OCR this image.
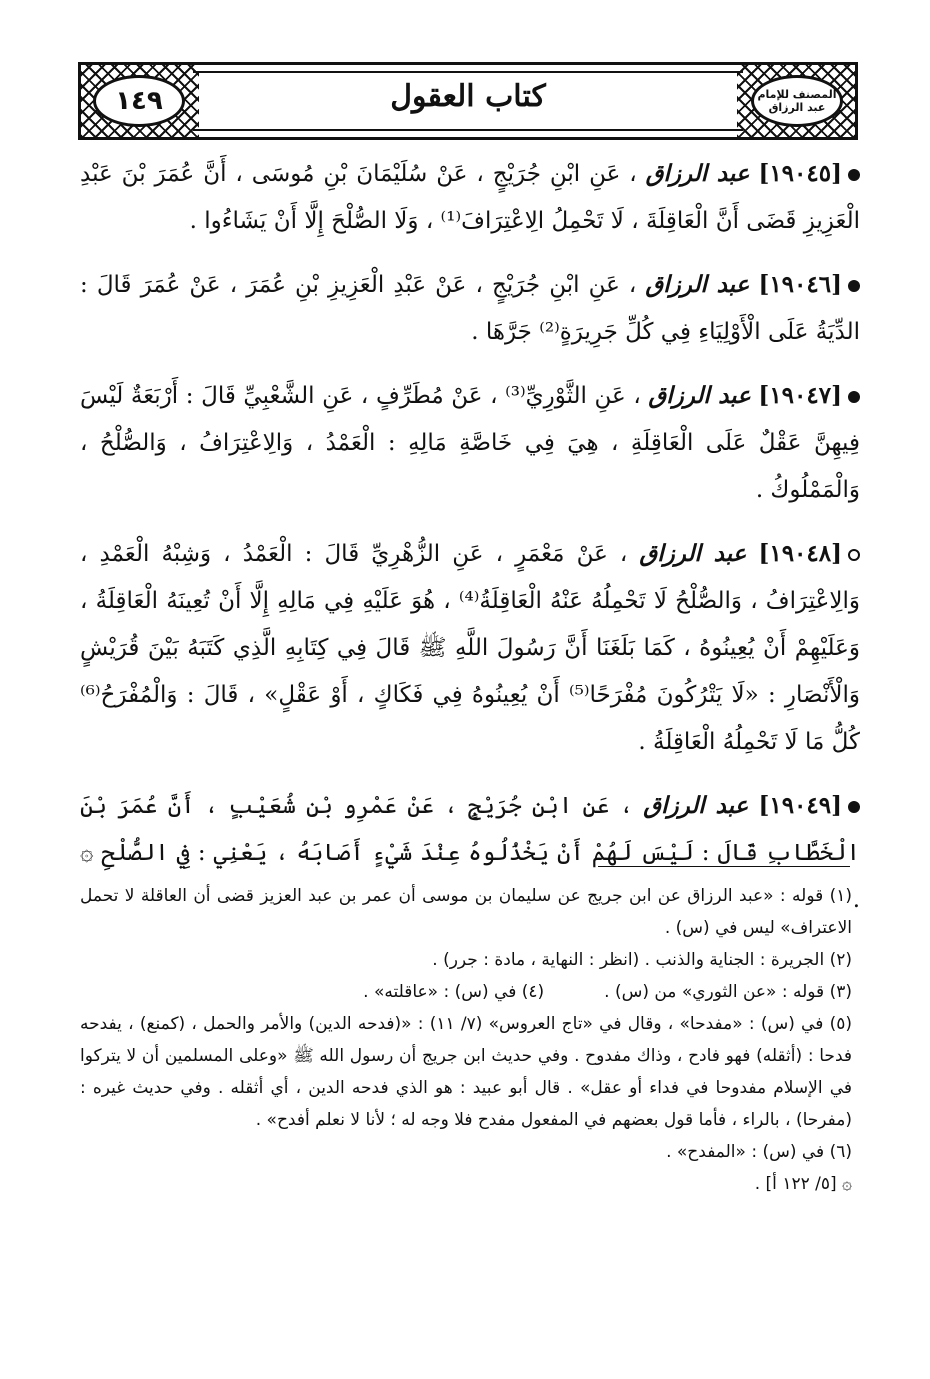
١٤٩	المصنف للإمام عبد الرزاق
كتاب العقول

[١٩٠٤٥] عبد الرزاق ، عَنِ ابْنِ جُرَيْجٍ ، عَنْ سُلَيْمَانَ بْنِ مُوسَى ، أَنَّ عُمَرَ بْنَ عَبْدِ الْعَزِيزِ قَضَى أَنَّ الْعَاقِلَةَ ، لَا تَحْمِلُ الِاعْتِرَافَ⁽¹⁾ ، وَلَا الصُّلْحَ إِلَّا أَنْ يَشَاءُوا .

[١٩٠٤٦] عبد الرزاق ، عَنِ ابْنِ جُرَيْجٍ ، عَنْ عَبْدِ الْعَزِيزِ بْنِ عُمَرَ ، عَنْ عُمَرَ قَالَ : الدِّيَةُ عَلَى الْأَوْلِيَاءِ فِي كُلِّ جَرِيرَةٍ⁽²⁾ جَرَّهَا .

[١٩٠٤٧] عبد الرزاق ، عَنِ الثَّوْرِيِّ⁽³⁾ ، عَنْ مُطَرِّفٍ ، عَنِ الشَّعْبِيِّ قَالَ : أَرْبَعَةٌ لَيْسَ فِيهِنَّ عَقْلٌ عَلَى الْعَاقِلَةِ ، هِيَ فِي خَاصَّةِ مَالِهِ : الْعَمْدُ ، وَالِاعْتِرَافُ ، وَالصُّلْحُ ، وَالْمَمْلُوكُ .

[١٩٠٤٨] عبد الرزاق ، عَنْ مَعْمَرٍ ، عَنِ الزُّهْرِيِّ قَالَ : الْعَمْدُ ، وَشِبْهُ الْعَمْدِ ، وَالِاعْتِرَافُ ، وَالصُّلْحُ لَا تَحْمِلُهُ عَنْهُ الْعَاقِلَةُ⁽⁴⁾ ، هُوَ عَلَيْهِ فِي مَالِهِ إِلَّا أَنْ تُعِينَهُ الْعَاقِلَةُ ، وَعَلَيْهِمْ أَنْ يُعِينُوهُ ، كَمَا بَلَغَنَا أَنَّ رَسُولَ اللَّهِ ﷺ قَالَ فِي كِتَابِهِ الَّذِي كَتَبَهُ بَيْنَ قُرَيْشٍ وَالْأَنْصَارِ : «لَا يَتْرُكُونَ مُفْرَحًا⁽⁵⁾ أَنْ يُعِينُوهُ فِي فَكَاكٍ ، أَوْ عَقْلٍ» ، قَالَ : وَالْمُفْرَحُ⁽⁶⁾ كُلُّ مَا لَا تَحْمِلُهُ الْعَاقِلَةُ .

[١٩٠٤٩] عبد الرزاق ، عَنِ ابْنِ جُرَيْجٍ ، عَنْ عَمْرِو بْنِ شُعَيْبٍ ، أَنَّ عُمَرَ بْنَ الْخَطَّابِ قَالَ : لَيْسَ لَهُمْ أَنْ يَخْذُلُوهُ عِنْدَ شَيْءٍ أَصَابَهُ ، يَعْنِي : فِي الصُّلْحِ ۞ .

(١) قوله : «عبد الرزاق عن ابن جريج عن سليمان بن موسى أن عمر بن عبد العزيز قضى أن العاقلة لا تحمل الاعتراف» ليس في (س) .

(٢) الجريرة : الجناية والذنب . (انظر : النهاية ، مادة : جرر) .

(٣) قوله : «عن الثوري» من (س) .

(٤) في (س) : «عاقلته» .

(٥) في (س) : «مفدحا» ، وقال في «تاج العروس» (٧/ ١١) : «(فدحه الدين) والأمر والحمل ، (كمنع) ، يفدحه فدحا : (أثقله) فهو فادح ، وذاك مفدوح . وفي حديث ابن جريج أن رسول الله ﷺ «وعلى المسلمين أن لا يتركوا في الإسلام مفدوحا في فداء أو عقل» . قال أبو عبيد : هو الذي فدحه الدين ، أي أثقله . وفي حديث غيره : (مفرحا) ، بالراء ، فأما قول بعضهم في المفعول مفدح فلا وجه له ؛ لأنا لا نعلم أفدح» .

(٦) في (س) : «المفدح» .

۞ [٥/ ١٢٢ أ] .
